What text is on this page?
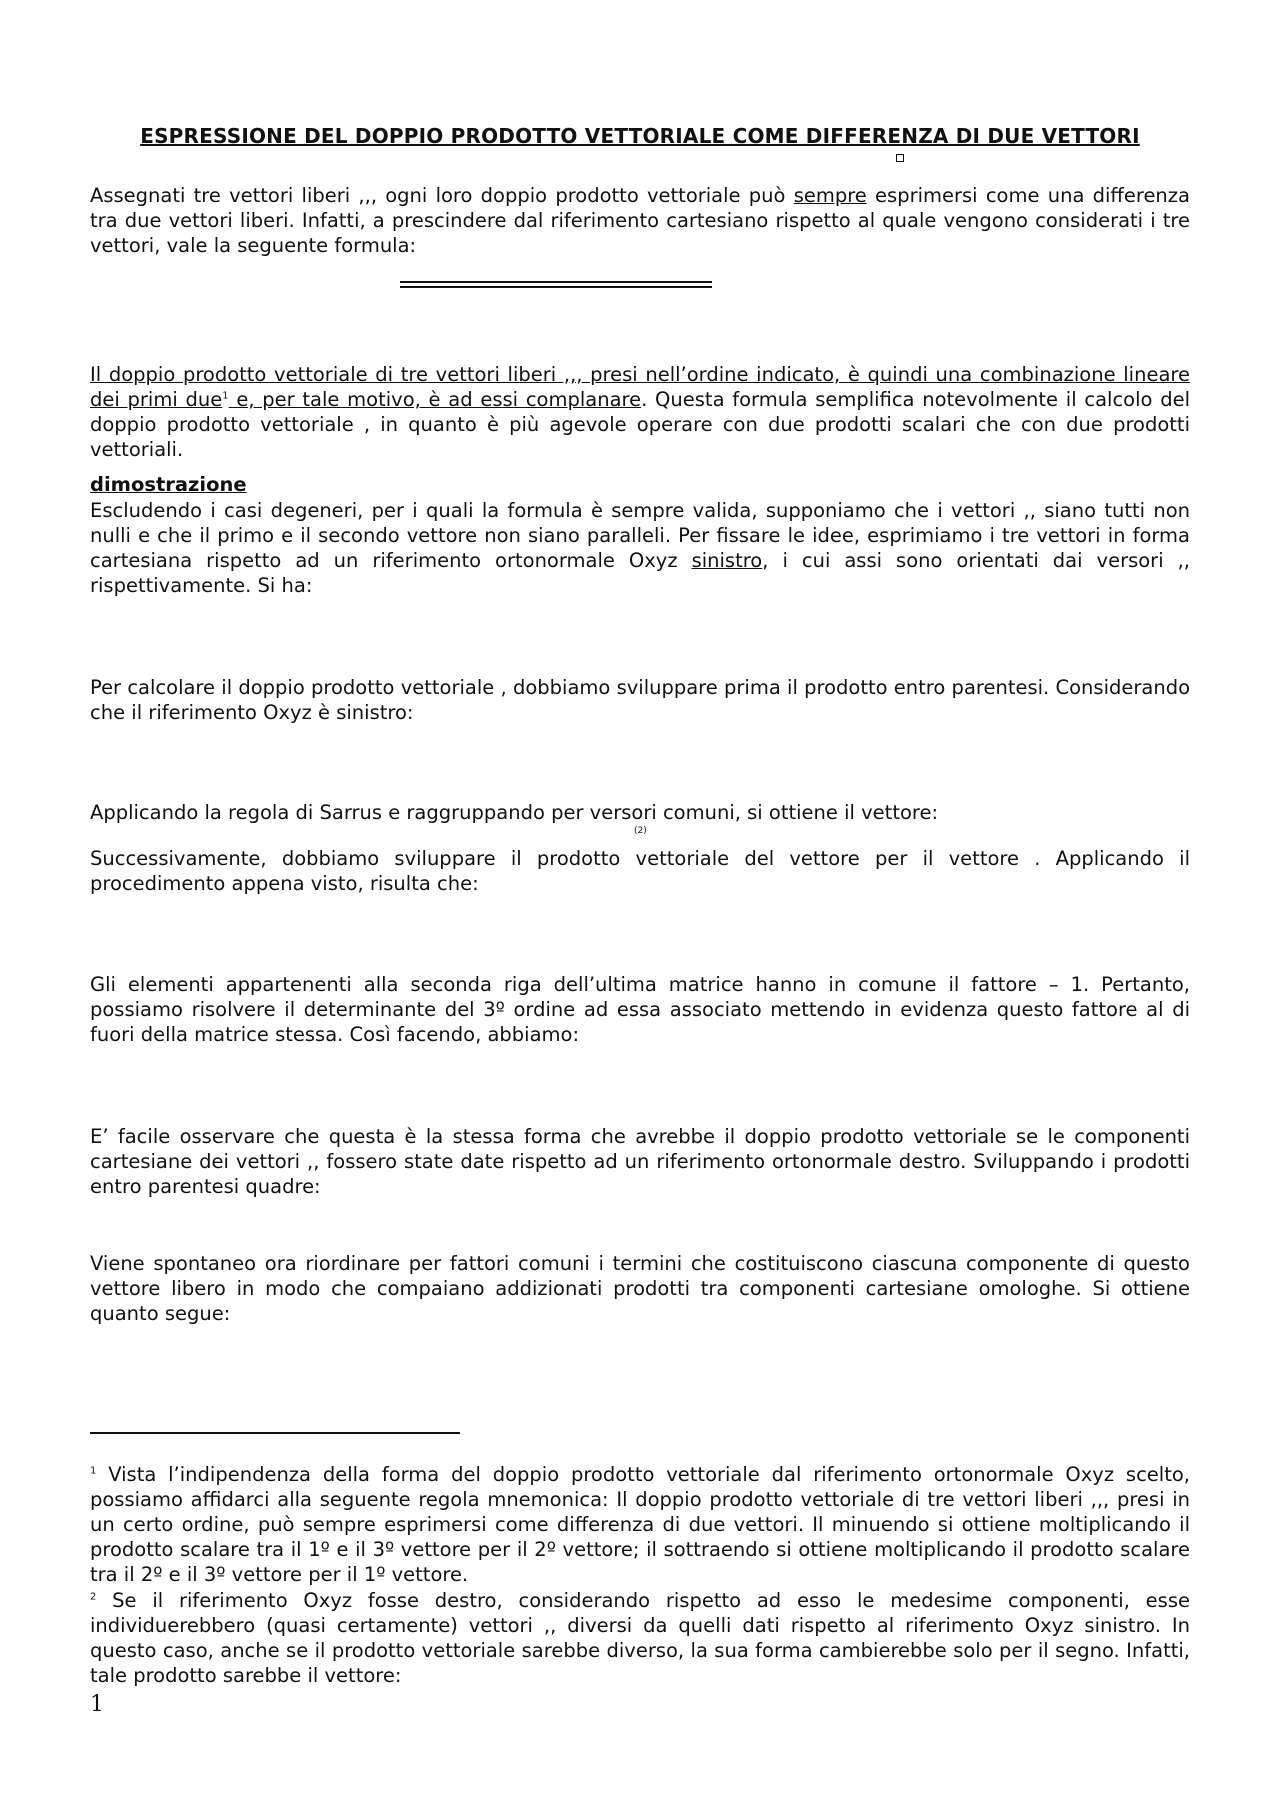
ESPRESSIONE DEL DOPPIO PRODOTTO VETTORIALE COME DIFFERENZA DI DUE VETTORI
Assegnati tre vettori liberi ,,, ogni loro doppio prodotto vettoriale può sempre esprimersi come una differenza tra due vettori liberi. Infatti, a prescindere dal riferimento cartesiano rispetto al quale vengono considerati i tre vettori, vale la seguente formula:
Il doppio prodotto vettoriale di tre vettori liberi ,,, presi nell’ordine indicato, è quindi una combinazione lineare dei primi due$^1$ e, per tale motivo, è ad essi complanare. Questa formula semplifica notevolmente il calcolo del doppio prodotto vettoriale , in quanto è più agevole operare con due prodotti scalari che con due prodotti vettoriali.
dimostrazione
Escludendo i casi degeneri, per i quali la formula è sempre valida, supponiamo che i vettori ,, siano tutti non nulli e che il primo e il secondo vettore non siano paralleli. Per fissare le idee, esprimiamo i tre vettori in forma cartesiana rispetto ad un riferimento ortonormale Oxyz sinistro, i cui assi sono orientati dai versori ,, rispettivamente. Si ha:
Per calcolare il doppio prodotto vettoriale , dobbiamo sviluppare prima il prodotto entro parentesi. Considerando che il riferimento Oxyz è sinistro:
Applicando la regola di Sarrus e raggruppando per versori comuni, si ottiene il vettore:
(2)
Successivamente, dobbiamo sviluppare il prodotto vettoriale del vettore per il vettore . Applicando il procedimento appena visto, risulta che:
Gli elementi appartenenti alla seconda riga dell’ultima matrice hanno in comune il fattore – 1. Pertanto, possiamo risolvere il determinante del 3º ordine ad essa associato mettendo in evidenza questo fattore al di fuori della matrice stessa. Così facendo, abbiamo:
E’ facile osservare che questa è la stessa forma che avrebbe il doppio prodotto vettoriale se le componenti cartesiane dei vettori ,, fossero state date rispetto ad un riferimento ortonormale destro. Sviluppando i prodotti entro parentesi quadre:
Viene spontaneo ora riordinare per fattori comuni i termini che costituiscono ciascuna componente di questo vettore libero in modo che compaiano addizionati prodotti tra componenti cartesiane omologhe. Si ottiene quanto segue:
$^1$ Vista l’indipendenza della forma del doppio prodotto vettoriale dal riferimento ortonormale Oxyz scelto, possiamo affidarci alla seguente regola mnemonica: Il doppio prodotto vettoriale di tre vettori liberi ,,, presi in un certo ordine, può sempre esprimersi come differenza di due vettori. Il minuendo si ottiene moltiplicando il prodotto scalare tra il 1º e il 3º vettore per il 2º vettore; il sottraendo si ottiene moltiplicando il prodotto scalare tra il 2º e il 3º vettore per il 1º vettore.
$^2$ Se il riferimento Oxyz fosse destro, considerando rispetto ad esso le medesime componenti, esse individuerebbero (quasi certamente) vettori ,, diversi da quelli dati rispetto al riferimento Oxyz sinistro. In questo caso, anche se il prodotto vettoriale sarebbe diverso, la sua forma cambierebbe solo per il segno. Infatti, tale prodotto sarebbe il vettore:
1
